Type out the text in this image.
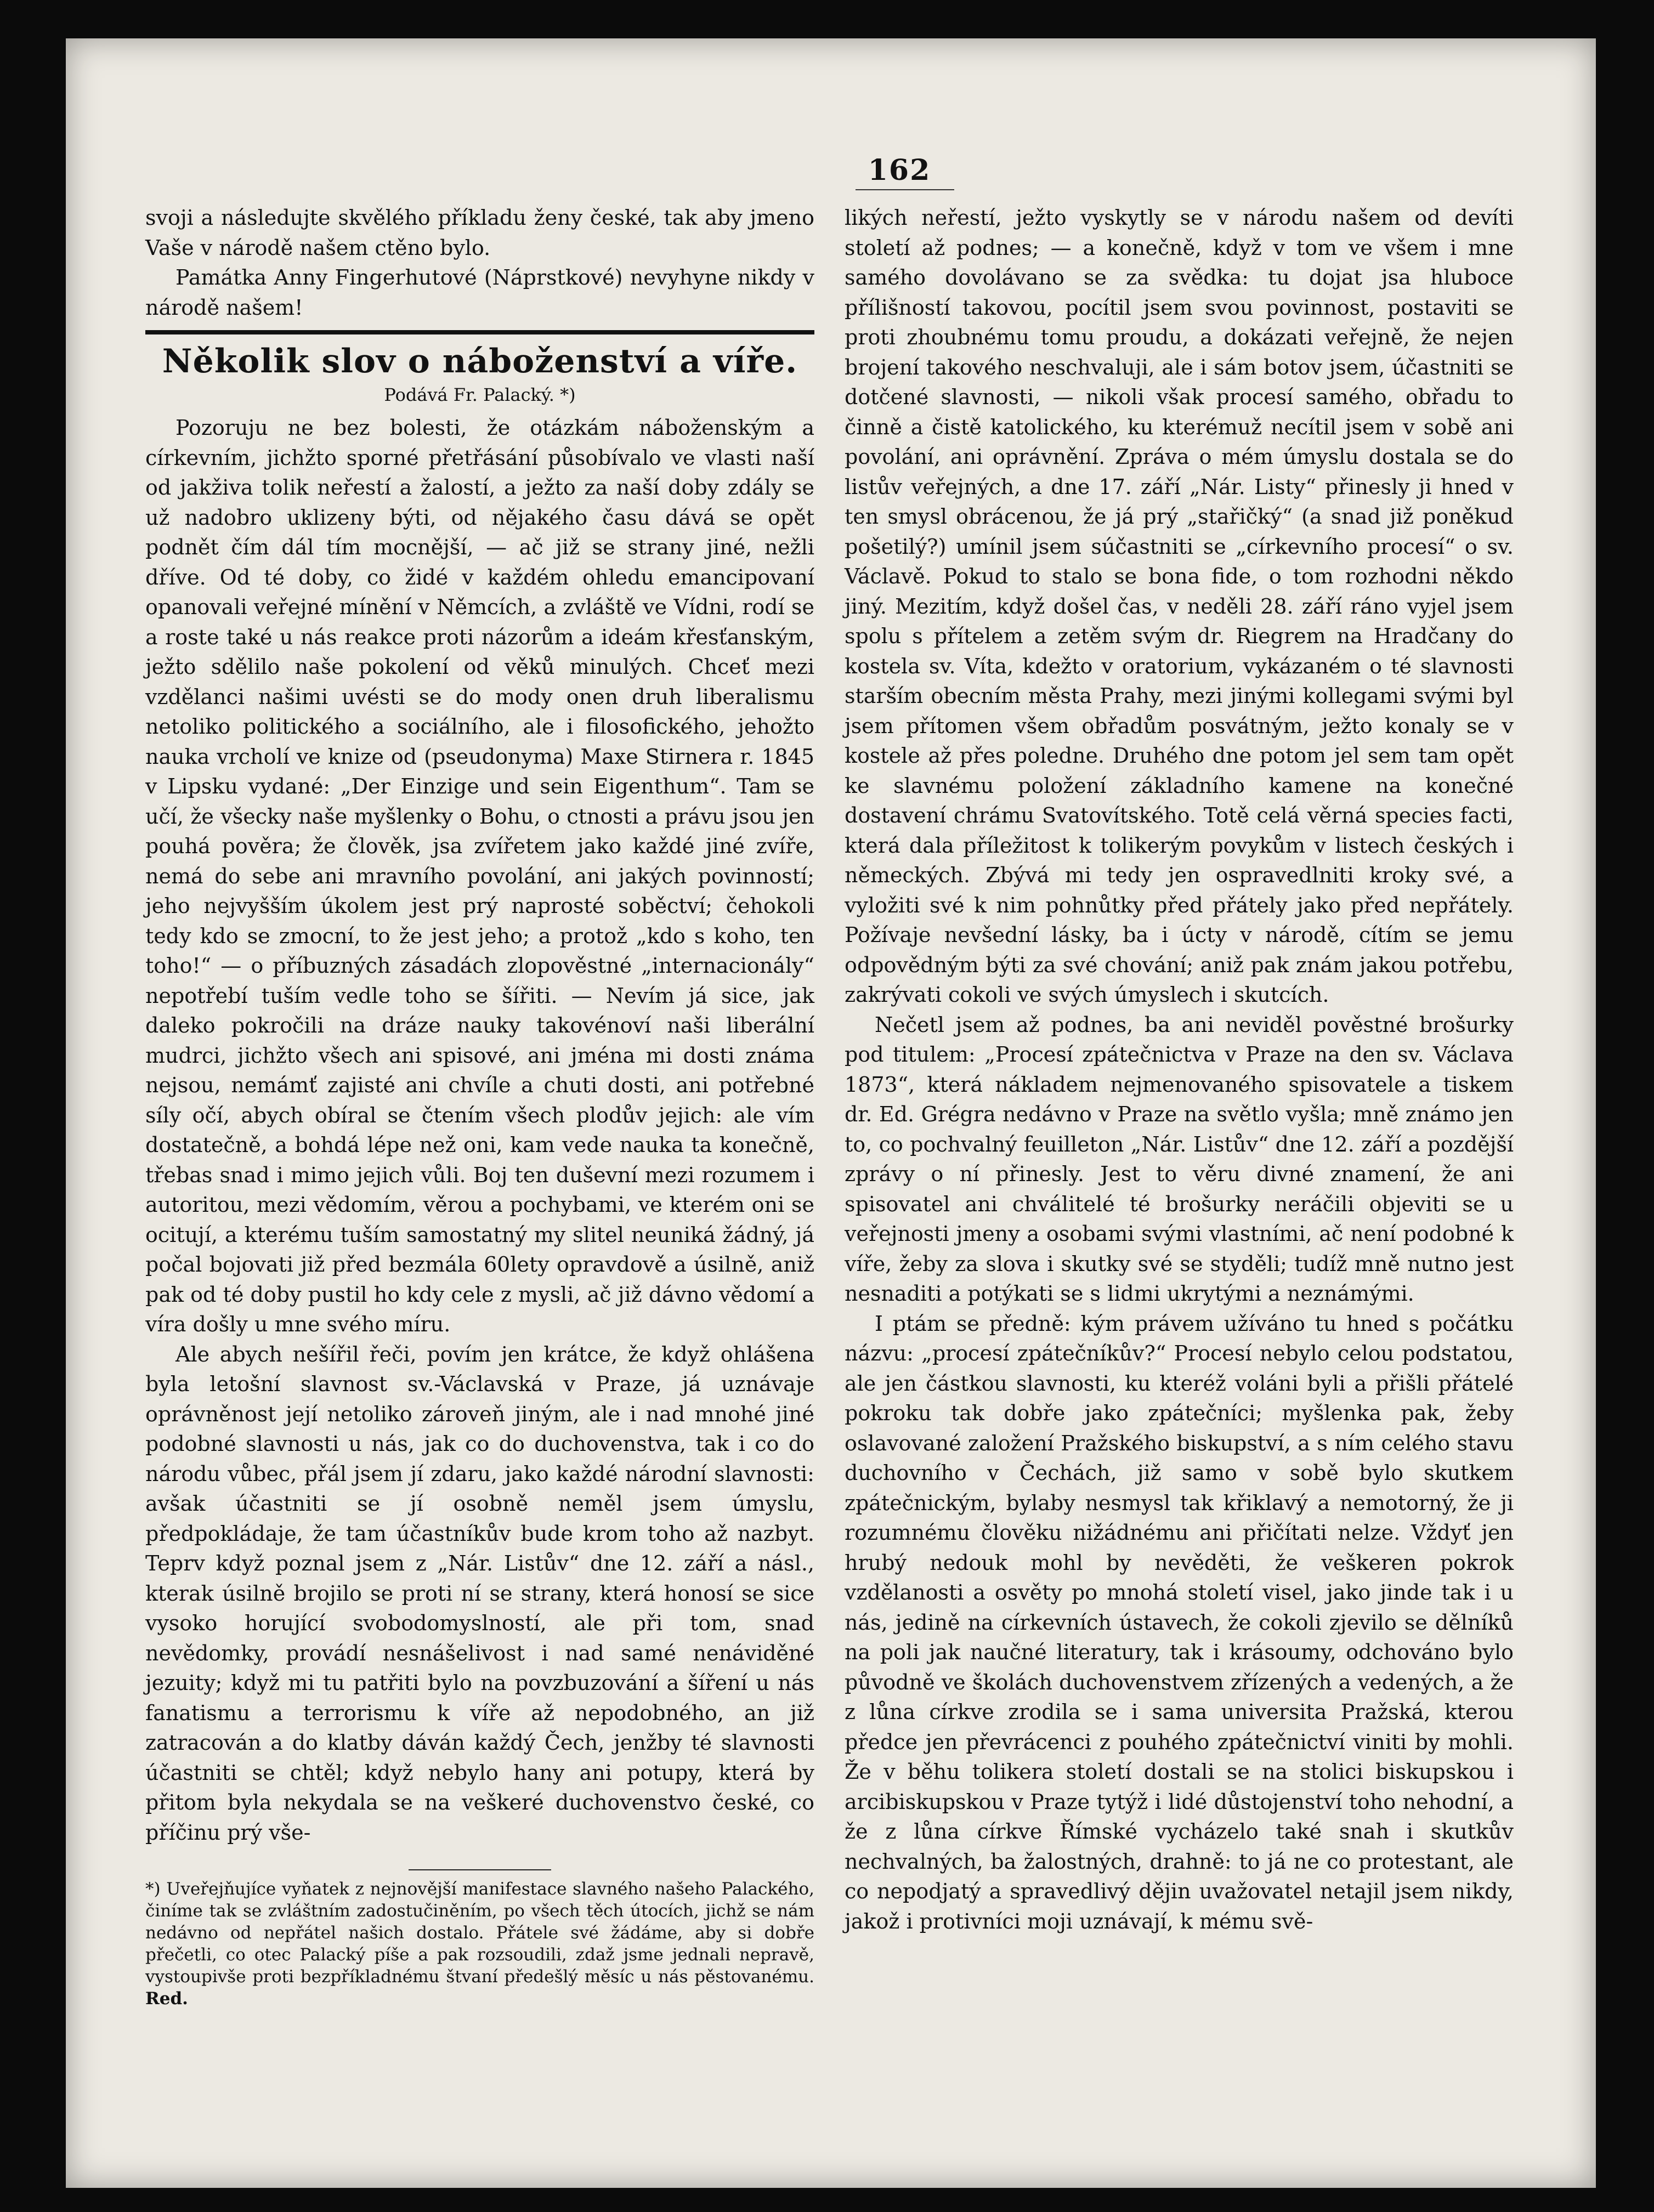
162

svoji a následujte skvělého příkladu ženy české, tak aby jmeno Vaše v národě našem ctěno bylo.

Památka Anny Fingerhutové (Náprstkové) nevyhyne nikdy v národě našem!

Několik slov o náboženství a víře.
Podává Fr. Palacký. *)

Pozoruju ne bez bolesti, že otázkám náboženským a církevním, jichžto sporné přetřásání působívalo ve vlasti naší od jakživa tolik neřestí a žalostí, a ježto za naší doby zdály se už nadobro uklizeny býti, od nějakého času dává se opět podnět čím dál tím mocnější, — ač již se strany jiné, nežli dříve. Od té doby, co židé v každém ohledu emancipovaní opanovali veřejné mínění v Němcích, a zvláště ve Vídni, rodí se a roste také u nás reakce proti názorům a ideám křesťanským, ježto sdělilo naše pokolení od věků minulých. Chceť mezi vzdělanci našimi uvésti se do mody onen druh liberalismu netoliko politického a sociálního, ale i filosofického, jehožto nauka vrcholí ve knize od (pseudonyma) Maxe Stirnera r. 1845 v Lipsku vydané: „Der Einzige und sein Eigenthum“. Tam se učí, že všecky naše myšlenky o Bohu, o ctnosti a právu jsou jen pouhá pověra; že člověk, jsa zvířetem jako každé jiné zvíře, nemá do sebe ani mravního povolání, ani jakých povinností; jeho nejvyšším úkolem jest prý naprosté soběctví; čehokoli tedy kdo se zmocní, to že jest jeho; a protož „kdo s koho, ten toho!“ — o příbuzných zásadách zlopověstné „internacionály“ nepotřebí tuším vedle toho se šířiti. — Nevím já sice, jak daleko pokročili na dráze nauky takovénoví naši liberální mudrci, jichžto všech ani spisové, ani jména mi dosti známa nejsou, nemámť zajisté ani chvíle a chuti dosti, ani potřebné síly očí, abych obíral se čtením všech plodův jejich: ale vím dostatečně, a bohdá lépe než oni, kam vede nauka ta konečně, třebas snad i mimo jejich vůli. Boj ten duševní mezi rozumem i autoritou, mezi vědomím, věrou a pochybami, ve kterém oni se ocitují, a kterému tuším samostatný my slitel neuniká žádný, já počal bojovati již před bezmála 60lety opravdově a úsilně, aniž pak od té doby pustil ho kdy cele z mysli, ač již dávno vědomí a víra došly u mne svého míru.

Ale abych nešířil řeči, povím jen krátce, že když ohlášena byla letošní slavnost sv.-Václavská v Praze, já uznávaje oprávněnost její netoliko zároveň jiným, ale i nad mnohé jiné podobné slavnosti u nás, jak co do duchovenstva, tak i co do národu vůbec, přál jsem jí zdaru, jako každé národní slavnosti: avšak účastniti se jí osobně neměl jsem úmyslu, předpokládaje, že tam účastníkův bude krom toho až nazbyt. Teprv když poznal jsem z „Nár. Listův“ dne 12. září a násl., kterak úsilně brojilo se proti ní se strany, která honosí se sice vysoko horující svobodomyslností, ale při tom, snad nevědomky, provádí nesnášelivost i nad samé nenáviděné jezuity; když mi tu patřiti bylo na povzbuzování a šíření u nás fanatismu a terrorismu k víře až nepodobného, an již zatracován a do klatby dáván každý Čech, jenžby té slavnosti účastniti se chtěl; když nebylo hany ani potupy, která by přitom byla nekydala se na veškeré duchovenstvo české, co příčinu prý vše-

*) Uveřejňujíce vyňatek z nejnovější manifestace slavného našeho Palackého, činíme tak se zvláštním zadostučiněním, po všech těch útocích, jichž se nám nedávno od nepřátel našich dostalo. Přátele své žádáme, aby si dobře přečetli, co otec Palacký píše a pak rozsoudili, zdaž jsme jednali nepravě, vystoupivše proti bezpříkladnému štvaní předešlý měsíc u nás pěstovanému. Red.

likých neřestí, ježto vyskytly se v národu našem od devíti století až podnes; — a konečně, když v tom ve všem i mne samého dovolávano se za svědka: tu dojat jsa hluboce přílišností takovou, pocítil jsem svou povinnost, postaviti se proti zhoubnému tomu proudu, a dokázati veřejně, že nejen brojení takového neschvaluji, ale i sám botov jsem, účastniti se dotčené slavnosti, — nikoli však procesí samého, obřadu to činně a čistě katolického, ku kterémuž necítil jsem v sobě ani povolání, ani oprávnění. Zpráva o mém úmyslu dostala se do listův veřejných, a dne 17. září „Nár. Listy“ přinesly ji hned v ten smysl obrácenou, že já prý „stařičký“ (a snad již poněkud pošetilý?) umínil jsem súčastniti se „církevního procesí“ o sv. Václavě. Pokud to stalo se bona fide, o tom rozhodni někdo jiný. Mezitím, když došel čas, v neděli 28. září ráno vyjel jsem spolu s přítelem a zetěm svým dr. Riegrem na Hradčany do kostela sv. Víta, kdežto v oratorium, vykázaném o té slavnosti starším obecním města Prahy, mezi jinými kollegami svými byl jsem přítomen všem obřadům posvátným, ježto konaly se v kostele až přes poledne. Druhého dne potom jel sem tam opět ke slavnému položení základního kamene na konečné dostavení chrámu Svatovítského. Totě celá věrná species facti, která dala příležitost k tolikerým povykům v listech českých i německých. Zbývá mi tedy jen ospravedlniti kroky své, a vyložiti své k nim pohnůtky před přátely jako před nepřátely. Požívaje nevšední lásky, ba i úcty v národě, cítím se jemu odpovědným býti za své chování; aniž pak znám jakou potřebu, zakrývati cokoli ve svých úmyslech i skutcích.

Nečetl jsem až podnes, ba ani neviděl pověstné brošurky pod titulem: „Procesí zpátečnictva v Praze na den sv. Václava 1873“, která nákladem nejmenovaného spisovatele a tiskem dr. Ed. Grégra nedávno v Praze na světlo vyšla; mně známo jen to, co pochvalný feuilleton „Nár. Listův“ dne 12. září a pozdější zprávy o ní přinesly. Jest to věru divné znamení, že ani spisovatel ani chválitelé té brošurky neráčili objeviti se u veřejnosti jmeny a osobami svými vlastními, ač není podobné k víře, žeby za slova i skutky své se styděli; tudíž mně nutno jest nesnaditi a potýkati se s lidmi ukrytými a neznámými.

I ptám se předně: kým právem užíváno tu hned s počátku názvu: „procesí zpátečníkův?“ Procesí nebylo celou podstatou, ale jen částkou slavnosti, ku kteréž voláni byli a přišli přátelé pokroku tak dobře jako zpátečníci; myšlenka pak, žeby oslavované založení Pražského biskupství, a s ním celého stavu duchovního v Čechách, již samo v sobě bylo skutkem zpátečnickým, bylaby nesmysl tak křiklavý a nemotorný, že ji rozumnému člověku nižádnému ani přičítati nelze. Vždyť jen hrubý nedouk mohl by nevěděti, že veškeren pokrok vzdělanosti a osvěty po mnohá století visel, jako jinde tak i u nás, jedině na církevních ústavech, že cokoli zjevilo se dělníků na poli jak naučné literatury, tak i krásoumy, odchováno bylo původně ve školách duchovenstvem zřízených a vedených, a že z lůna církve zrodila se i sama universita Pražská, kterou předce jen převrácenci z pouhého zpátečnictví viniti by mohli. Že v běhu tolikera století dostali se na stolici biskupskou i arcibiskupskou v Praze tytýž i lidé důstojenství toho nehodní, a že z lůna církve Římské vycházelo také snah i skutkův nechvalných, ba žalostných, drahně: to já ne co protestant, ale co nepodjatý a spravedlivý dějin uvažovatel netajil jsem nikdy, jakož i protivníci moji uznávají, k mému svě-
